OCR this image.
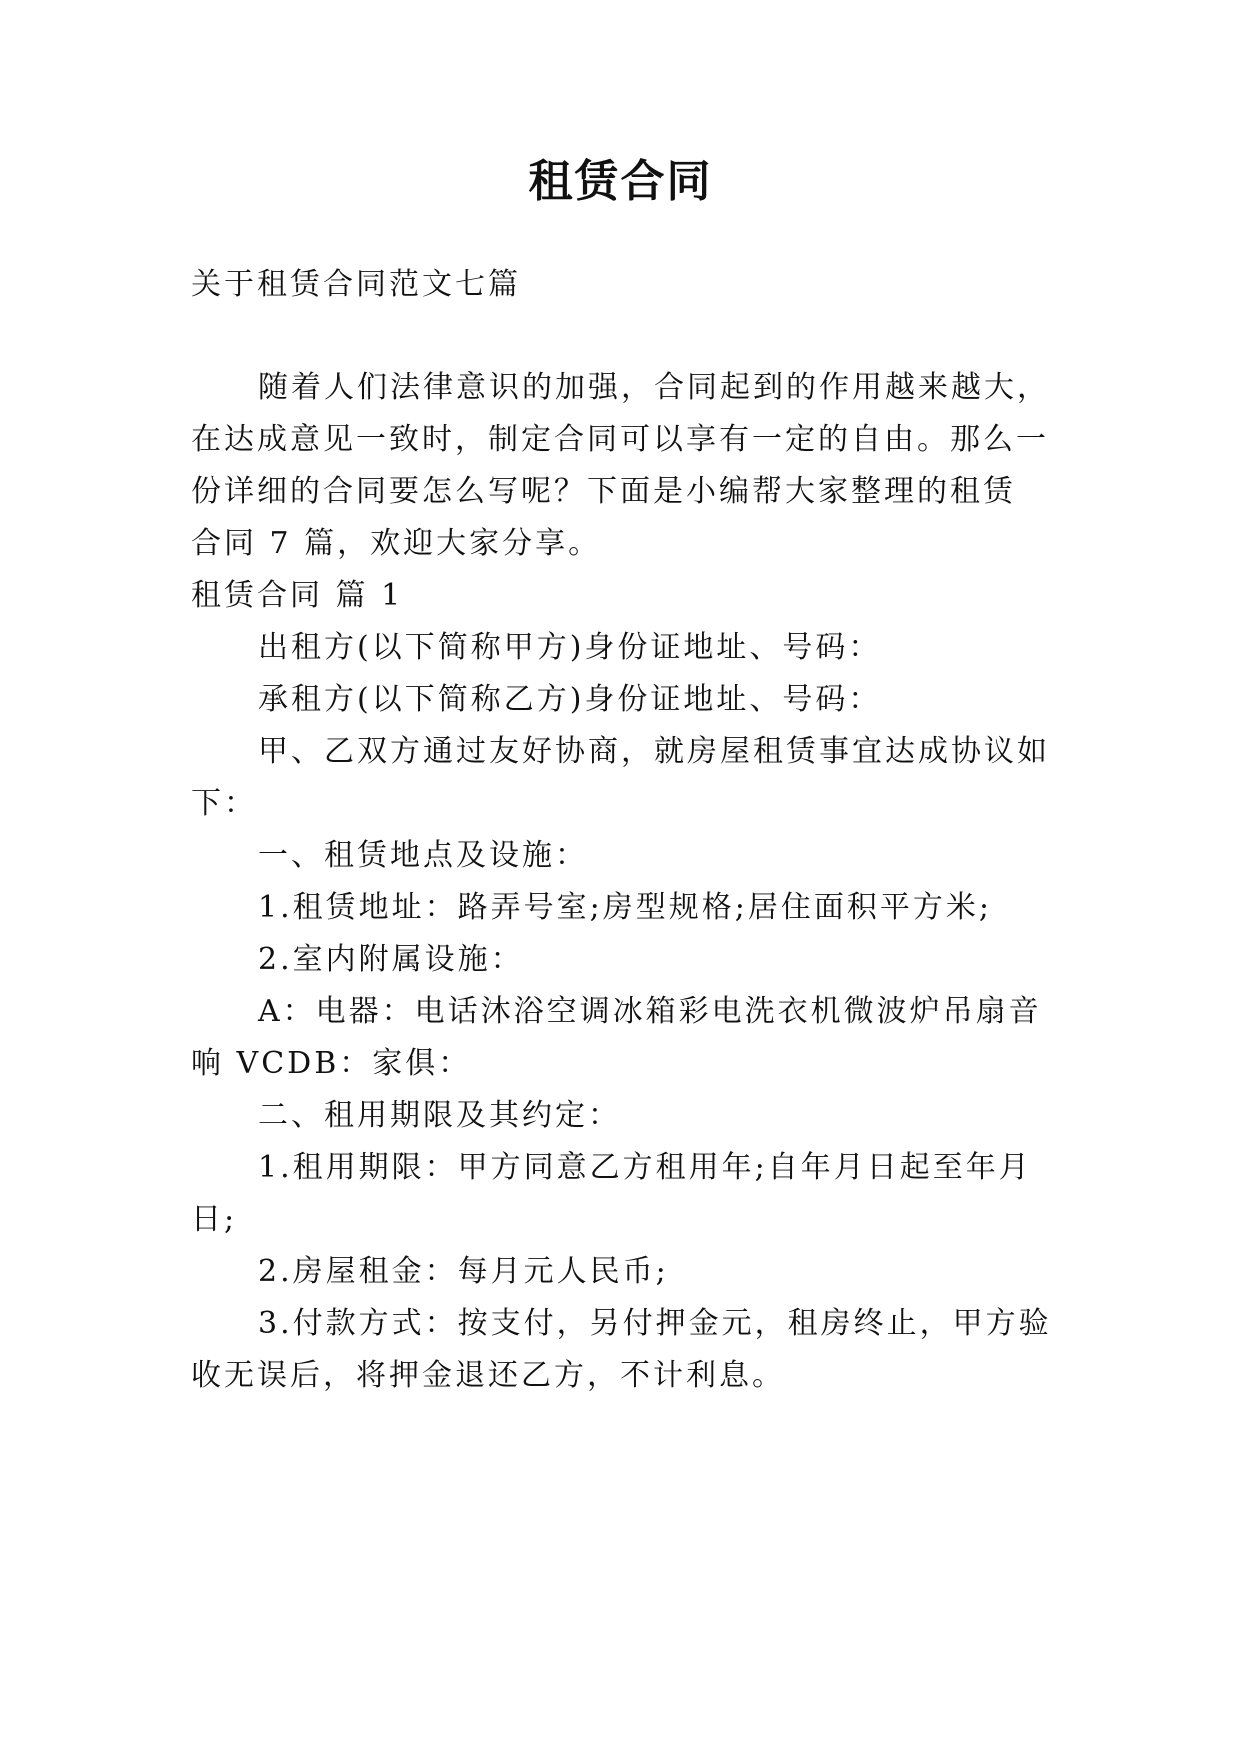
租赁合同
关于租赁合同范文七篇
随着人们法律意识的加强，合同起到的作用越来越大，
在达成意见一致时，制定合同可以享有一定的自由。那么一
份详细的合同要怎么写呢？下面是小编帮大家整理的租赁
合同 7 篇，欢迎大家分享。
租赁合同 篇 1
出租方(以下简称甲方)身份证地址、号码：
承租方(以下简称乙方)身份证地址、号码：
甲、乙双方通过友好协商，就房屋租赁事宜达成协议如
下：
一、租赁地点及设施：
1.租赁地址：路弄号室;房型规格;居住面积平方米;
2.室内附属设施：
A：电器：电话沐浴空调冰箱彩电洗衣机微波炉吊扇音
响 VCDB：家俱：
二、租用期限及其约定：
1.租用期限：甲方同意乙方租用年;自年月日起至年月
日;
2.房屋租金：每月元人民币;
3.付款方式：按支付，另付押金元，租房终止，甲方验
收无误后，将押金退还乙方，不计利息。
